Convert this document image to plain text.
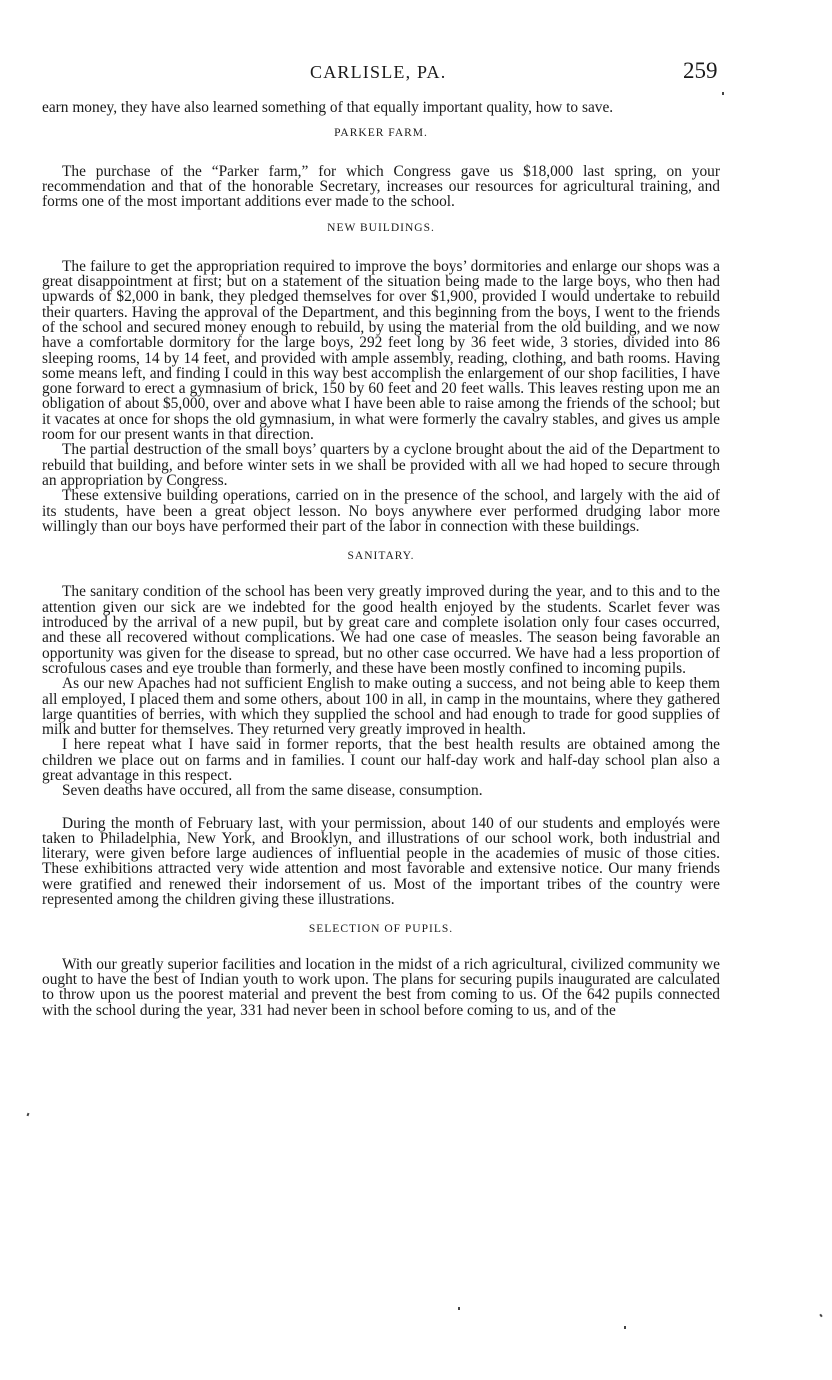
CARLISLE, PA.	259

earn money, they have also learned something of that equally important quality, how to save.

PARKER FARM.

The purchase of the “Parker farm,” for which Congress gave us $18,000 last spring, on your recommendation and that of the honorable Secretary, increases our resources for agricultural training, and forms one of the most important additions ever made to the school.

NEW BUILDINGS.

The failure to get the appropriation required to improve the boys’ dormitories and enlarge our shops was a great disappointment at first; but on a statement of the situation being made to the large boys, who then had upwards of $2,000 in bank, they pledged themselves for over $1,900, provided I would undertake to rebuild their quarters. Having the approval of the Department, and this beginning from the boys, I went to the friends of the school and secured money enough to rebuild, by using the material from the old building, and we now have a comfortable dormitory for the large boys, 292 feet long by 36 feet wide, 3 stories, divided into 86 sleeping rooms, 14 by 14 feet, and provided with ample assembly, reading, clothing, and bath rooms. Having some means left, and finding I could in this way best accomplish the enlargement of our shop facilities, I have gone forward to erect a gymnasium of brick, 150 by 60 feet and 20 feet walls. This leaves resting upon me an obligation of about $5,000, over and above what I have been able to raise among the friends of the school; but it vacates at once for shops the old gymnasium, in what were formerly the cavalry stables, and gives us ample room for our present wants in that direction.

The partial destruction of the small boys’ quarters by a cyclone brought about the aid of the Department to rebuild that building, and before winter sets in we shall be provided with all we had hoped to secure through an appropriation by Congress.

These extensive building operations, carried on in the presence of the school, and largely with the aid of its students, have been a great object lesson. No boys anywhere ever performed drudging labor more willingly than our boys have performed their part of the labor in connection with these buildings.

SANITARY.

The sanitary condition of the school has been very greatly improved during the year, and to this and to the attention given our sick are we indebted for the good health enjoyed by the students. Scarlet fever was introduced by the arrival of a new pupil, but by great care and complete isolation only four cases occurred, and these all recovered without complications. We had one case of measles. The season being favorable an opportunity was given for the disease to spread, but no other case occurred. We have had a less proportion of scrofulous cases and eye trouble than formerly, and these have been mostly confined to incoming pupils.

As our new Apaches had not sufficient English to make outing a success, and not being able to keep them all employed, I placed them and some others, about 100 in all, in camp in the mountains, where they gathered large quantities of berries, with which they supplied the school and had enough to trade for good supplies of milk and butter for themselves. They returned very greatly improved in health.

I here repeat what I have said in former reports, that the best health results are obtained among the children we place out on farms and in families. I count our half-day work and half-day school plan also a great advantage in this respect.

Seven deaths have occured, all from the same disease, consumption.

During the month of February last, with your permission, about 140 of our students and employés were taken to Philadelphia, New York, and Brooklyn, and illustrations of our school work, both industrial and literary, were given before large audiences of influential people in the academies of music of those cities. These exhibitions attracted very wide attention and most favorable and extensive notice. Our many friends were gratified and renewed their indorsement of us. Most of the important tribes of the country were represented among the children giving these illustrations.

SELECTION OF PUPILS.

With our greatly superior facilities and location in the midst of a rich agricultural, civilized community we ought to have the best of Indian youth to work upon. The plans for securing pupils inaugurated are calculated to throw upon us the poorest material and prevent the best from coming to us. Of the 642 pupils connected with the school during the year, 331 had never been in school before coming to us, and of the
